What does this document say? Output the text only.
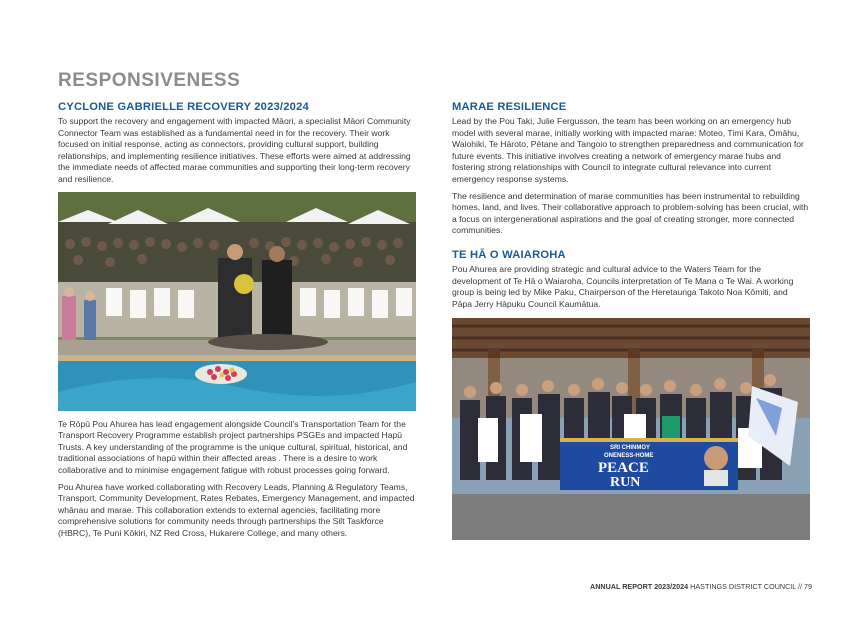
RESPONSIVENESS
CYCLONE GABRIELLE RECOVERY 2023/2024

To support the recovery and engagement with impacted Māori, a specialist Māori Community Connector Team was established as a fundamental need in for the recovery. Their work focused on initial response, acting as connectors, providing cultural support, building relationships, and implementing resilience initiatives. These efforts were aimed at addressing the immediate needs of affected marae communities and supporting their long-term recovery and resilience.

Te Rōpū Pou Ahurea has lead engagement alongside Council's Transportation Team for the Transport Recovery Programme establish project partnerships PSGEs and impacted Hapū Trusts. A key understanding of the programme is the unique cultural, spiritual, historical, and traditional associations of hapū within their affected areas . There is a desire to work collaborative and to minimise engagement fatigue with robust processes going forward.

Pou Ahurea have worked collaborating with Recovery Leads, Planning & Regulatory Teams, Transport, Community Development, Rates Rebates, Emergency Management, and impacted whānau and marae. This collaboration extends to external agencies, facilitating more comprehensive solutions for community needs through partnerships the Silt Taskforce (HBRC), Te Puni Kōkiri, NZ Red Cross, Hukarere College, and many others.

MARAE RESILIENCE

Lead by the Pou Taki, Julie Fergusson, the team has been working on an emergency hub model with several marae, initially working with impacted marae: Moteo, Timi Kara, Ōmāhu, Waiohiki, Te Hāroto, Pētane and Tangoio to strengthen preparedness and communication for future events. This initiative involves creating a network of emergency marae hubs and fostering strong relationships with Council to integrate cultural relevance into current emergency response systems.

The resilience and determination of marae communities has been instrumental to rebuilding homes, land, and lives. Their collaborative approach to problem-solving has been crucial, with a focus on intergenerational aspirations and the goal of creating stronger, more connected communities.

TE HĀ O WAIAROHA

Pou Ahurea are providing strategic and cultural advice to the Waters Team for the development of Te Hā o Waiaroha, Councils interpretation of Te Mana o Te Wai. A working group is being led by Mike Paku, Chairperson of the Heretaunga Takoto Noa Kōmiti, and Pāpa Jerry Hāpuku Council Kaumātua.

SRI CHINMOY
ONENESS-HOME
PEACE
RUN
ANNUAL REPORT 2023/2024 HASTINGS DISTRICT COUNCIL // 79
